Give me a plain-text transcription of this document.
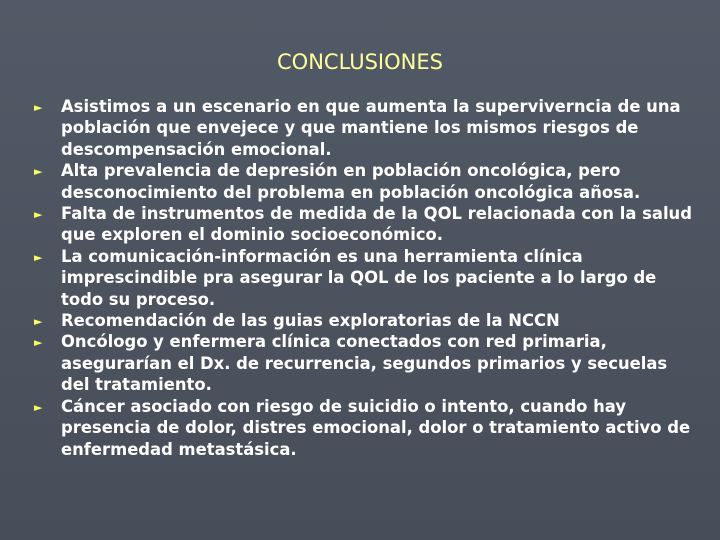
CONCLUSIONES
► Asistimos a un escenario en que aumenta la superviverncia de una población que envejece y que mantiene los mismos riesgos de descompensación emocional.
► Alta prevalencia de depresión en población oncológica, pero desconocimiento del problema en población oncológica añosa.
► Falta de instrumentos de medida de la QOL relacionada con la salud que exploren el dominio socioeconómico.
► La comunicación-información es una herramienta clínica imprescindible pra asegurar la QOL de los paciente a lo largo de todo su proceso.
► Recomendación de las guias exploratorias de la NCCN
► Oncólogo y enfermera clínica conectados con red primaria, asegurarían el Dx. de recurrencia, segundos primarios y secuelas del tratamiento.
► Cáncer asociado con riesgo de suicidio o intento, cuando hay presencia de dolor, distres emocional, dolor o tratamiento activo de enfermedad metastásica.
